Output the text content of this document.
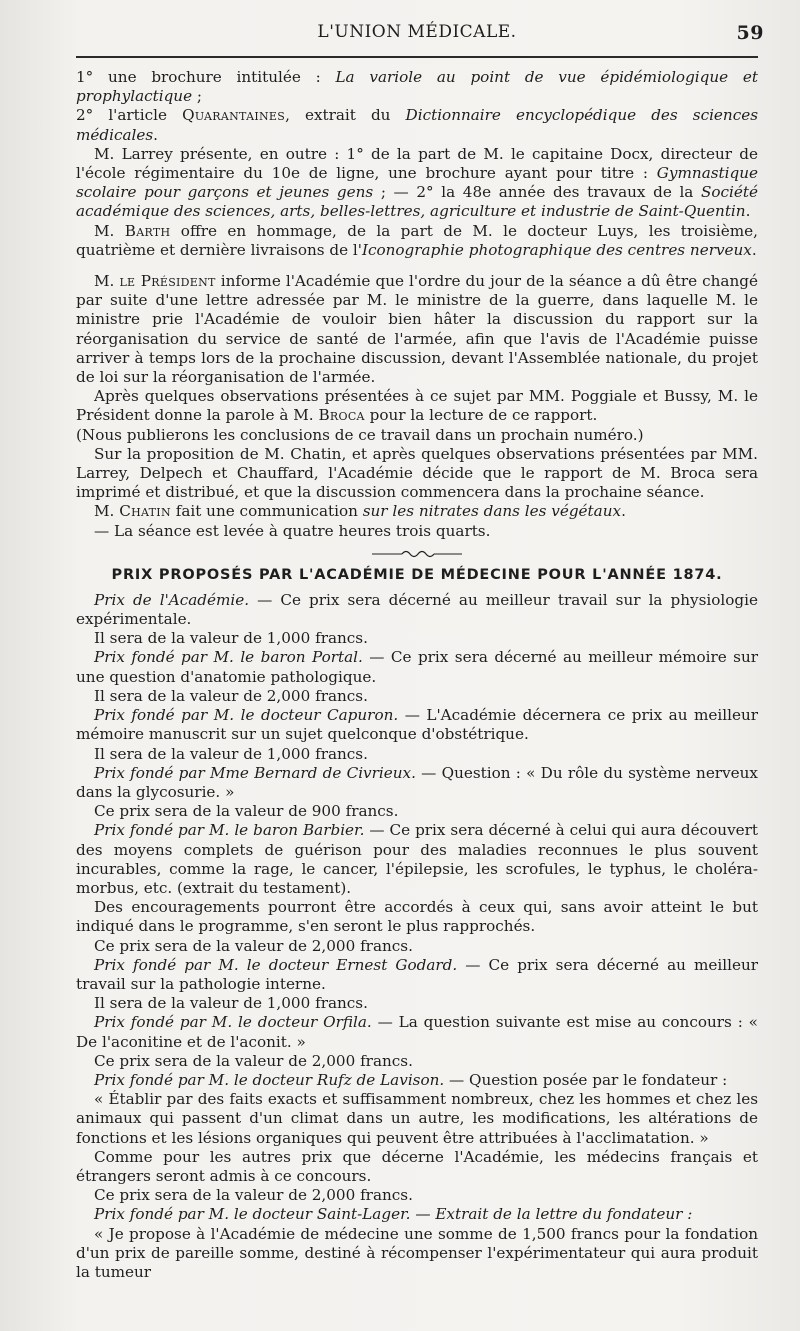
L'UNION MÉDICALE.	59

1° une brochure intitulée : La variole au point de vue épidémiologique et prophylactique ;

2° l'article Quarantaines, extrait du Dictionnaire encyclopédique des sciences médicales.

M. Larrey présente, en outre : 1° de la part de M. le capitaine Docx, directeur de l'école régimentaire du 10e de ligne, une brochure ayant pour titre : Gymnastique scolaire pour garçons et jeunes gens ; — 2° la 48e année des travaux de la Société académique des sciences, arts, belles-lettres, agriculture et industrie de Saint-Quentin.

M. Barth offre en hommage, de la part de M. le docteur Luys, les troisième, quatrième et dernière livraisons de l'Iconographie photographique des centres nerveux.

M. le Président informe l'Académie que l'ordre du jour de la séance a dû être changé par suite d'une lettre adressée par M. le ministre de la guerre, dans laquelle M. le ministre prie l'Académie de vouloir bien hâter la discussion du rapport sur la réorganisation du service de santé de l'armée, afin que l'avis de l'Académie puisse arriver à temps lors de la prochaine discussion, devant l'Assemblée nationale, du projet de loi sur la réorganisation de l'armée.

Après quelques observations présentées à ce sujet par MM. Poggiale et Bussy, M. le Président donne la parole à M. Broca pour la lecture de ce rapport.

(Nous publierons les conclusions de ce travail dans un prochain numéro.)

Sur la proposition de M. Chatin, et après quelques observations présentées par MM. Larrey, Delpech et Chauffard, l'Académie décide que le rapport de M. Broca sera imprimé et distribué, et que la discussion commencera dans la prochaine séance.

M. Chatin fait une communication sur les nitrates dans les végétaux.

— La séance est levée à quatre heures trois quarts.

PRIX PROPOSÉS PAR L'ACADÉMIE DE MÉDECINE POUR L'ANNÉE 1874.

Prix de l'Académie. — Ce prix sera décerné au meilleur travail sur la physiologie expérimentale.

Il sera de la valeur de 1,000 francs.

Prix fondé par M. le baron Portal. — Ce prix sera décerné au meilleur mémoire sur une question d'anatomie pathologique.

Il sera de la valeur de 2,000 francs.

Prix fondé par M. le docteur Capuron. — L'Académie décernera ce prix au meilleur mémoire manuscrit sur un sujet quelconque d'obstétrique.

Il sera de la valeur de 1,000 francs.

Prix fondé par Mme Bernard de Civrieux. — Question : « Du rôle du système nerveux dans la glycosurie. »

Ce prix sera de la valeur de 900 francs.

Prix fondé par M. le baron Barbier. — Ce prix sera décerné à celui qui aura découvert des moyens complets de guérison pour des maladies reconnues le plus souvent incurables, comme la rage, le cancer, l'épilepsie, les scrofules, le typhus, le choléra-morbus, etc. (extrait du testament).

Des encouragements pourront être accordés à ceux qui, sans avoir atteint le but indiqué dans le programme, s'en seront le plus rapprochés.

Ce prix sera de la valeur de 2,000 francs.

Prix fondé par M. le docteur Ernest Godard. — Ce prix sera décerné au meilleur travail sur la pathologie interne.

Il sera de la valeur de 1,000 francs.

Prix fondé par M. le docteur Orfila. — La question suivante est mise au concours : « De l'aconitine et de l'aconit. »

Ce prix sera de la valeur de 2,000 francs.

Prix fondé par M. le docteur Rufz de Lavison. — Question posée par le fondateur :

« Établir par des faits exacts et suffisamment nombreux, chez les hommes et chez les animaux qui passent d'un climat dans un autre, les modifications, les altérations de fonctions et les lésions organiques qui peuvent être attribuées à l'acclimatation. »

Comme pour les autres prix que décerne l'Académie, les médecins français et étrangers seront admis à ce concours.

Ce prix sera de la valeur de 2,000 francs.

Prix fondé par M. le docteur Saint-Lager. — Extrait de la lettre du fondateur :

« Je propose à l'Académie de médecine une somme de 1,500 francs pour la fondation d'un prix de pareille somme, destiné à récompenser l'expérimentateur qui aura produit la tumeur
